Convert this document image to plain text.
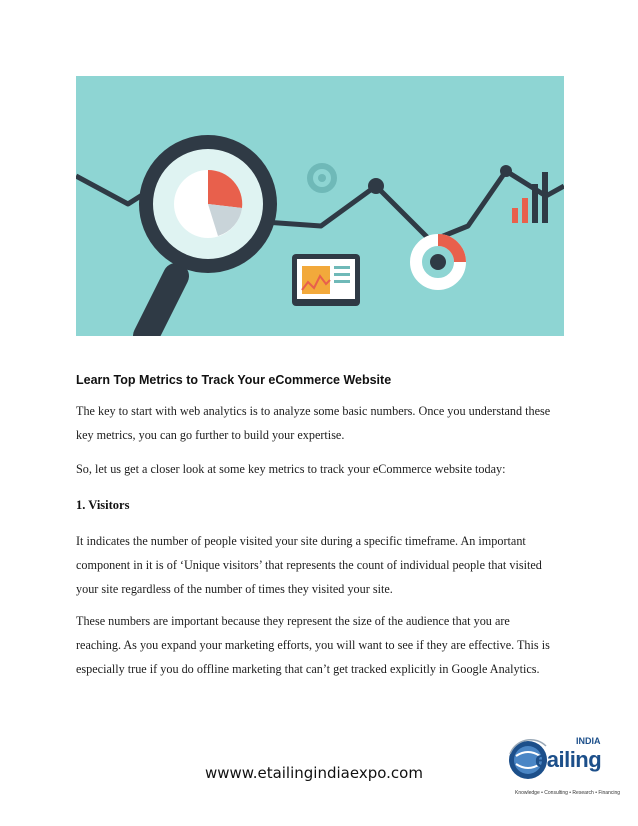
Learn Top Metrics to Track Your eCommerce Website

The key to start with web analytics is to analyze some basic numbers. Once you understand these

key metrics, you can go further to build your expertise.

So, let us get a closer look at some key metrics to track your eCommerce website today:

1. Visitors

It indicates the number of people visited your site during a specific timeframe. An important

component in it is of ‘Unique visitors’ that represents the count of individual people that visited

your site regardless of the number of times they visited your site.

These numbers are important because they represent the size of the audience that you are

reaching. As you expand your marketing efforts, you will want to see if they are effective. This is

especially true if you do offline marketing that can’t get tracked explicitly in Google Analytics.

wwww.etailingindiaexpo.com
INDIA
eailing
Knowledge • Consulting • Research • Financing
